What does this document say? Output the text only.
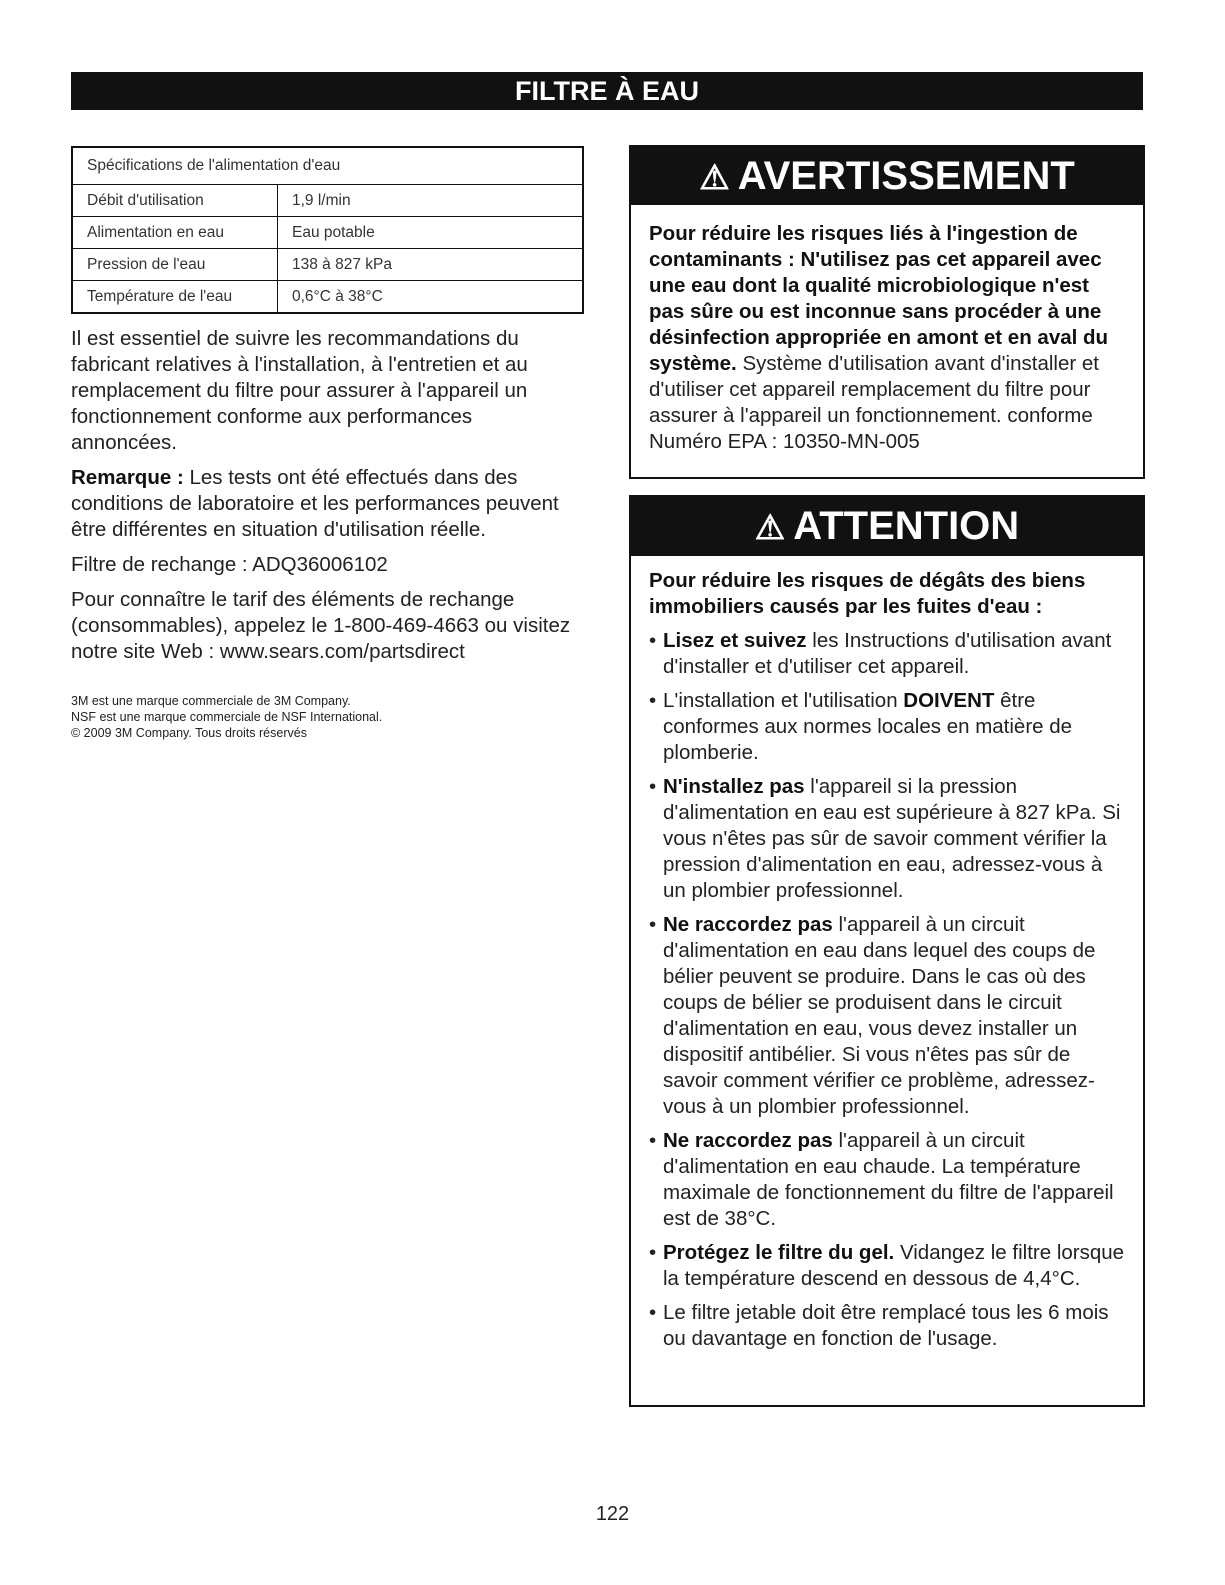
FILTRE À EAU
Spécifications de l'alimentation d'eau	
Débit d'utilisation	1,9 l/min
Alimentation en eau	Eau potable
Pression de l'eau	138 à 827 kPa
Température de l'eau	0,6°C à 38°C

Il est essentiel de suivre les recommandations du fabricant relatives à l'installation, à l'entretien et au remplacement du filtre pour assurer à l'appareil un fonctionnement conforme aux performances annoncées.

Remarque : Les tests ont été effectués dans des conditions de laboratoire et les performances peuvent être différentes en situation d'utilisation réelle.

Filtre de rechange : ADQ36006102

Pour connaître le tarif des éléments de rechange (consommables), appelez le 1-800-469-4663 ou visitez notre site Web : www.sears.com/partsdirect

3M est une marque commerciale de 3M Company.
NSF est une marque commerciale de NSF International.
© 2009 3M Company. Tous droits réservés
⚠ AVERTISSEMENT
Pour réduire les risques liés à l'ingestion de contaminants : N'utilisez pas cet appareil avec une eau dont la qualité microbiologique n'est pas sûre ou est inconnue sans procéder à une désinfection appropriée en amont et en aval du système. Système d'utilisation avant d'installer et d'utiliser cet appareil remplacement du filtre pour assurer à l'appareil un fonctionnement. conforme Numéro EPA : 10350-MN-005
⚠ ATTENTION
Pour réduire les risques de dégâts des biens immobiliers causés par les fuites d'eau :
• Lisez et suivez les Instructions d'utilisation avant d'installer et d'utiliser cet appareil.
• L'installation et l'utilisation DOIVENT être conformes aux normes locales en matière de plomberie.
• N'installez pas l'appareil si la pression d'alimentation en eau est supérieure à 827 kPa. Si vous n'êtes pas sûr de savoir comment vérifier la pression d'alimentation en eau, adressez-vous à un plombier professionnel.
• Ne raccordez pas l'appareil à un circuit d'alimentation en eau dans lequel des coups de bélier peuvent se produire. Dans le cas où des coups de bélier se produisent dans le circuit d'alimentation en eau, vous devez installer un dispositif antibélier. Si vous n'êtes pas sûr de savoir comment vérifier ce problème, adressez-vous à un plombier professionnel.
• Ne raccordez pas l'appareil à un circuit d'alimentation en eau chaude. La température maximale de fonctionnement du filtre de l'appareil est de 38°C.
• Protégez le filtre du gel. Vidangez le filtre lorsque la température descend en dessous de 4,4°C.
• Le filtre jetable doit être remplacé tous les 6 mois ou davantage en fonction de l'usage.
122
